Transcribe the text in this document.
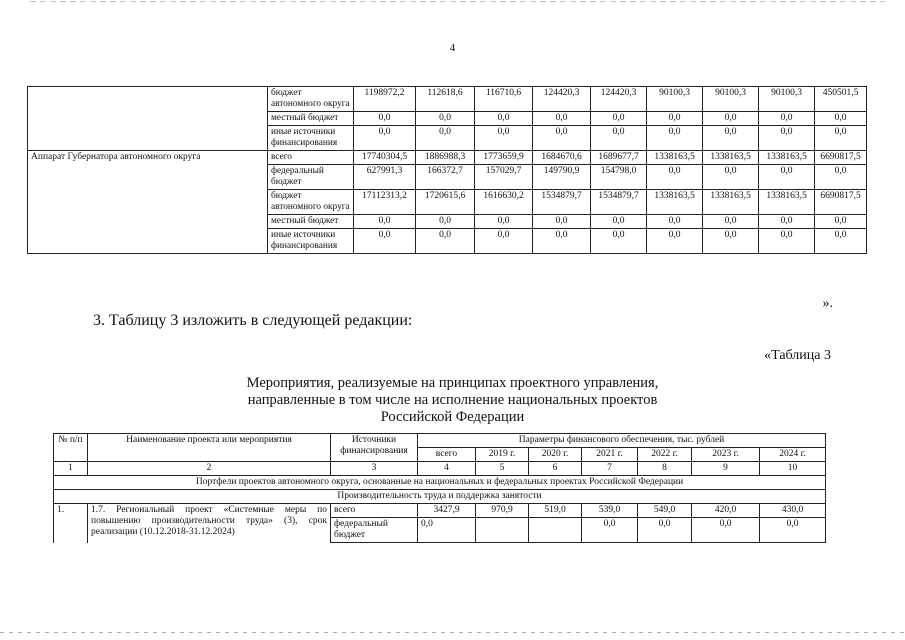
4
	бюджет автономного округа	1198972,2	112618,6	116710,6	124420,3	124420,3	90100,3	90100,3	90100,3	450501,5
	местный бюджет	0,0	0,0	0,0	0,0	0,0	0,0	0,0	0,0	0,0
	иные источники финансирования	0,0	0,0	0,0	0,0	0,0	0,0	0,0	0,0	0,0
Аппарат Губернатора автономного округа	всего	17740304,5	1886988,3	1773659,9	1684670,6	1689677,7	1338163,5	1338163,5	1338163,5	6690817,5
	федеральный бюджет	627991,3	166372,7	157029,7	149790,9	154798,0	0,0	0,0	0,0	0,0
	бюджет автономного округа	17112313,2	1720615,6	1616630,2	1534879,7	1534879,7	1338163,5	1338163,5	1338163,5	6690817,5
	местный бюджет	0,0	0,0	0,0	0,0	0,0	0,0	0,0	0,0	0,0
	иные источники финансирования	0,0	0,0	0,0	0,0	0,0	0,0	0,0	0,0	0,0
».
3. Таблицу 3 изложить в следующей редакции:
«Таблица 3
Мероприятия, реализуемые на принципах проектного управления,
направленные в том числе на исполнение национальных проектов
Российской Федерации
№ п/п	Наименование проекта или мероприятия	Источники финансирования	Параметры финансового обеспечения, тыс. рублей						
			всего	2019 г.	2020 г.	2021 г.	2022 г.	2023 г.	2024 г.
1	2	3	4	5	6	7	8	9	10
Портфели проектов автономного округа, основанные на национальных и федеральных проектах Российской Федерации									
Производительность труда и поддержка занятости									
1.	1.7. Региональный проект «Системные меры по повышению производительности труда» (3), срок реализации (10.12.2018-31.12.2024)	всего	3427,9	970,9	519,0	539,0	549,0	420,0	430,0
		федеральный бюджет	0,0			0,0	0,0	0,0	0,0
